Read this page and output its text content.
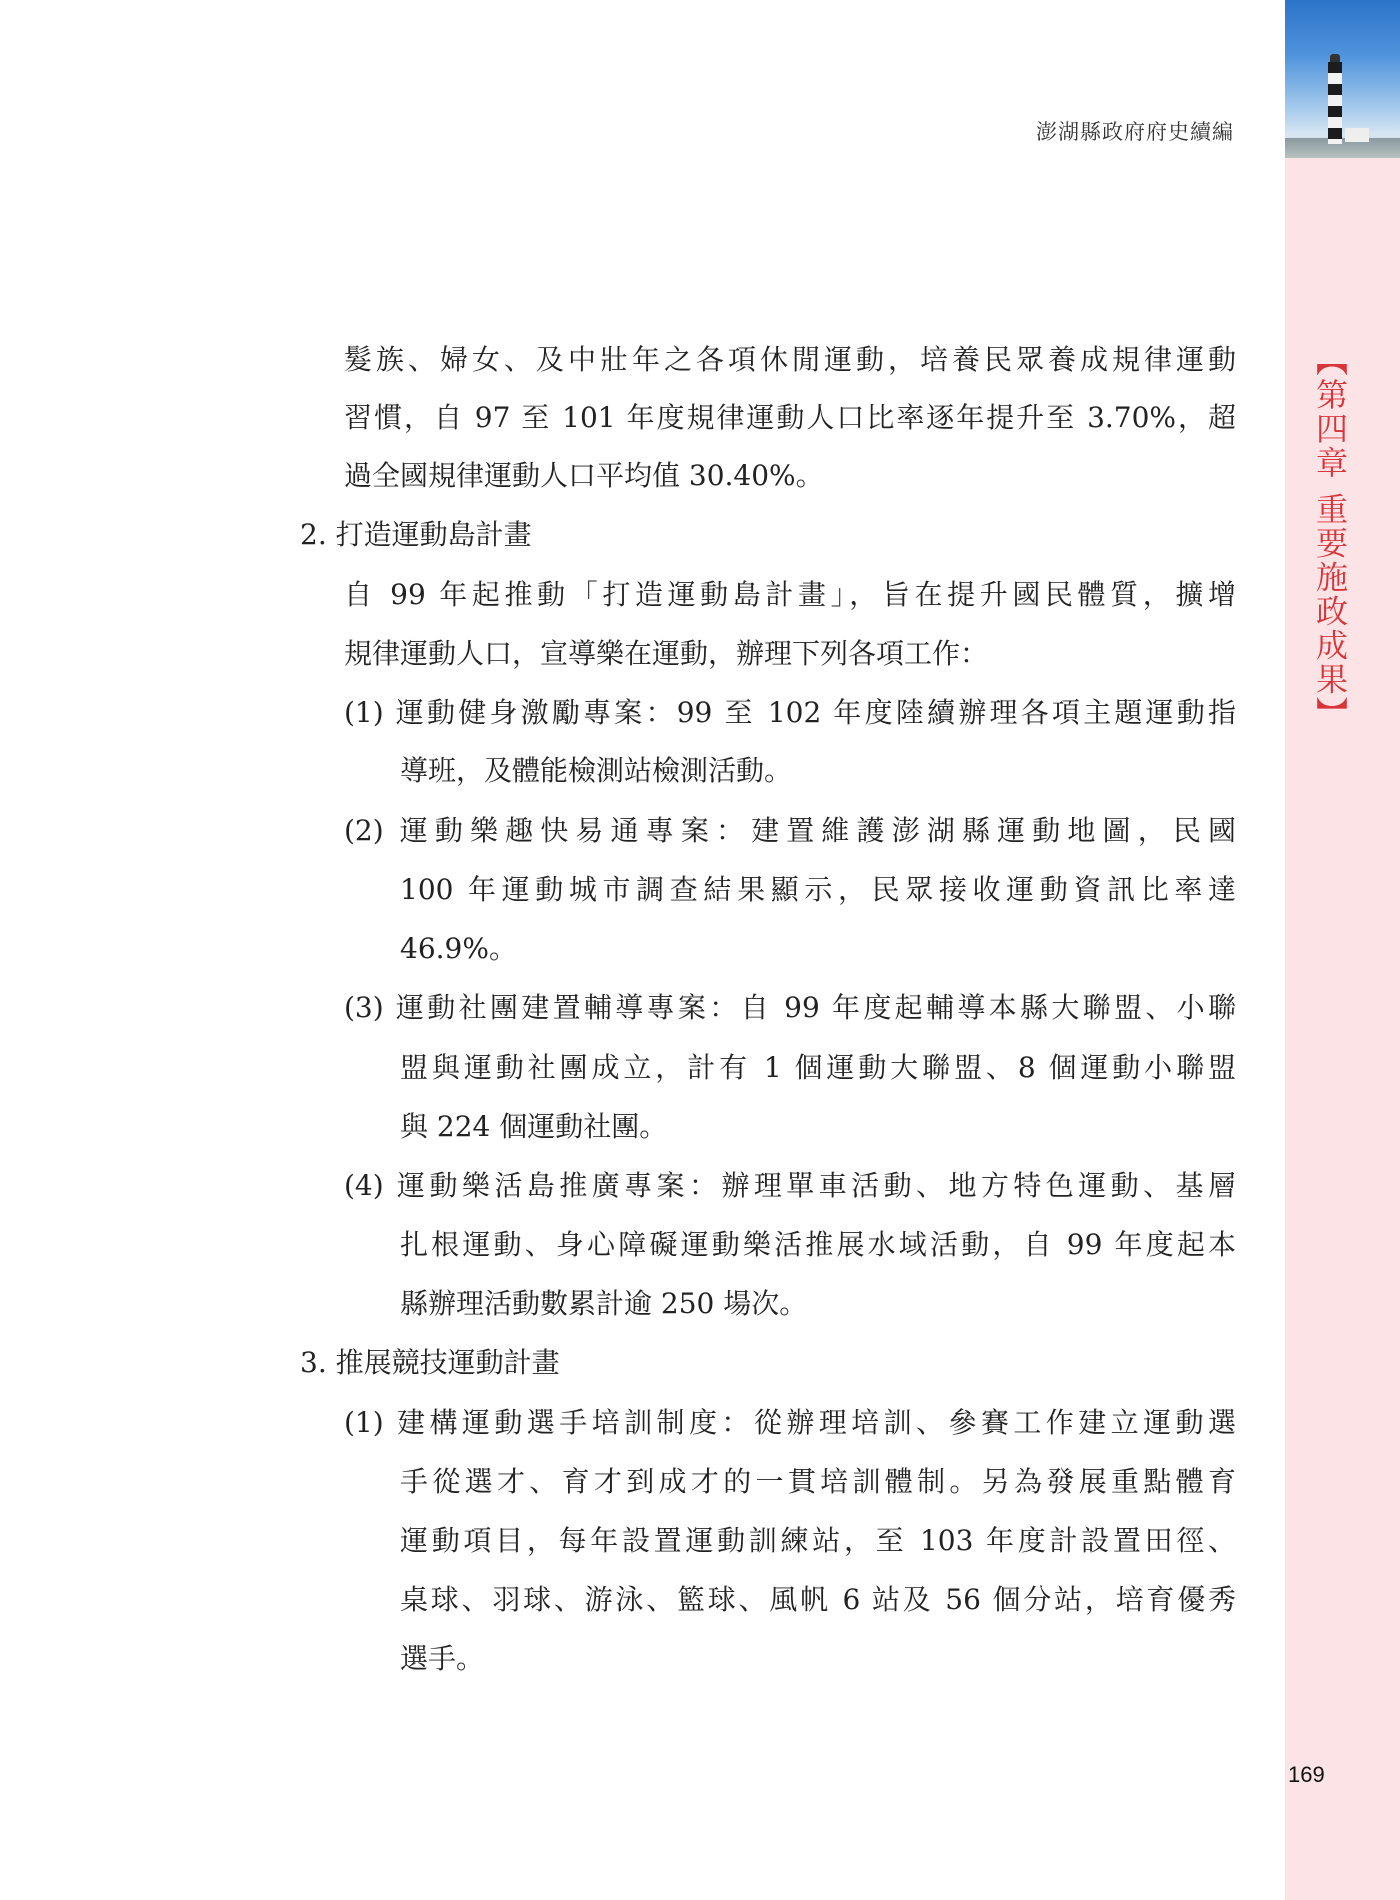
澎湖縣政府府史續編
【第四章 重要施政成果】
髮族、婦女、及中壯年之各項休閒運動，培養民眾養成規律運動
習慣，自 97 至 101 年度規律運動人口比率逐年提升至 3.70%，超
過全國規律運動人口平均值 30.40%。
2. 打造運動島計畫
自 99 年起推動「打造運動島計畫」，旨在提升國民體質，擴增
規律運動人口，宣導樂在運動，辦理下列各項工作：
(1) 運動健身激勵專案：99 至 102 年度陸續辦理各項主題運動指
導班，及體能檢測站檢測活動。
(2) 運動樂趣快易通專案：建置維護澎湖縣運動地圖，民國
100 年運動城市調查結果顯示，民眾接收運動資訊比率達
46.9%。
(3) 運動社團建置輔導專案：自 99 年度起輔導本縣大聯盟、小聯
盟與運動社團成立，計有 1 個運動大聯盟、8 個運動小聯盟
與 224 個運動社團。
(4) 運動樂活島推廣專案：辦理單車活動、地方特色運動、基層
扎根運動、身心障礙運動樂活推展水域活動，自 99 年度起本
縣辦理活動數累計逾 250 場次。
3. 推展競技運動計畫
(1) 建構運動選手培訓制度：從辦理培訓、參賽工作建立運動選
手從選才、育才到成才的一貫培訓體制。另為發展重點體育
運動項目，每年設置運動訓練站，至 103 年度計設置田徑、
桌球、羽球、游泳、籃球、風帆 6 站及 56 個分站，培育優秀
選手。
169
